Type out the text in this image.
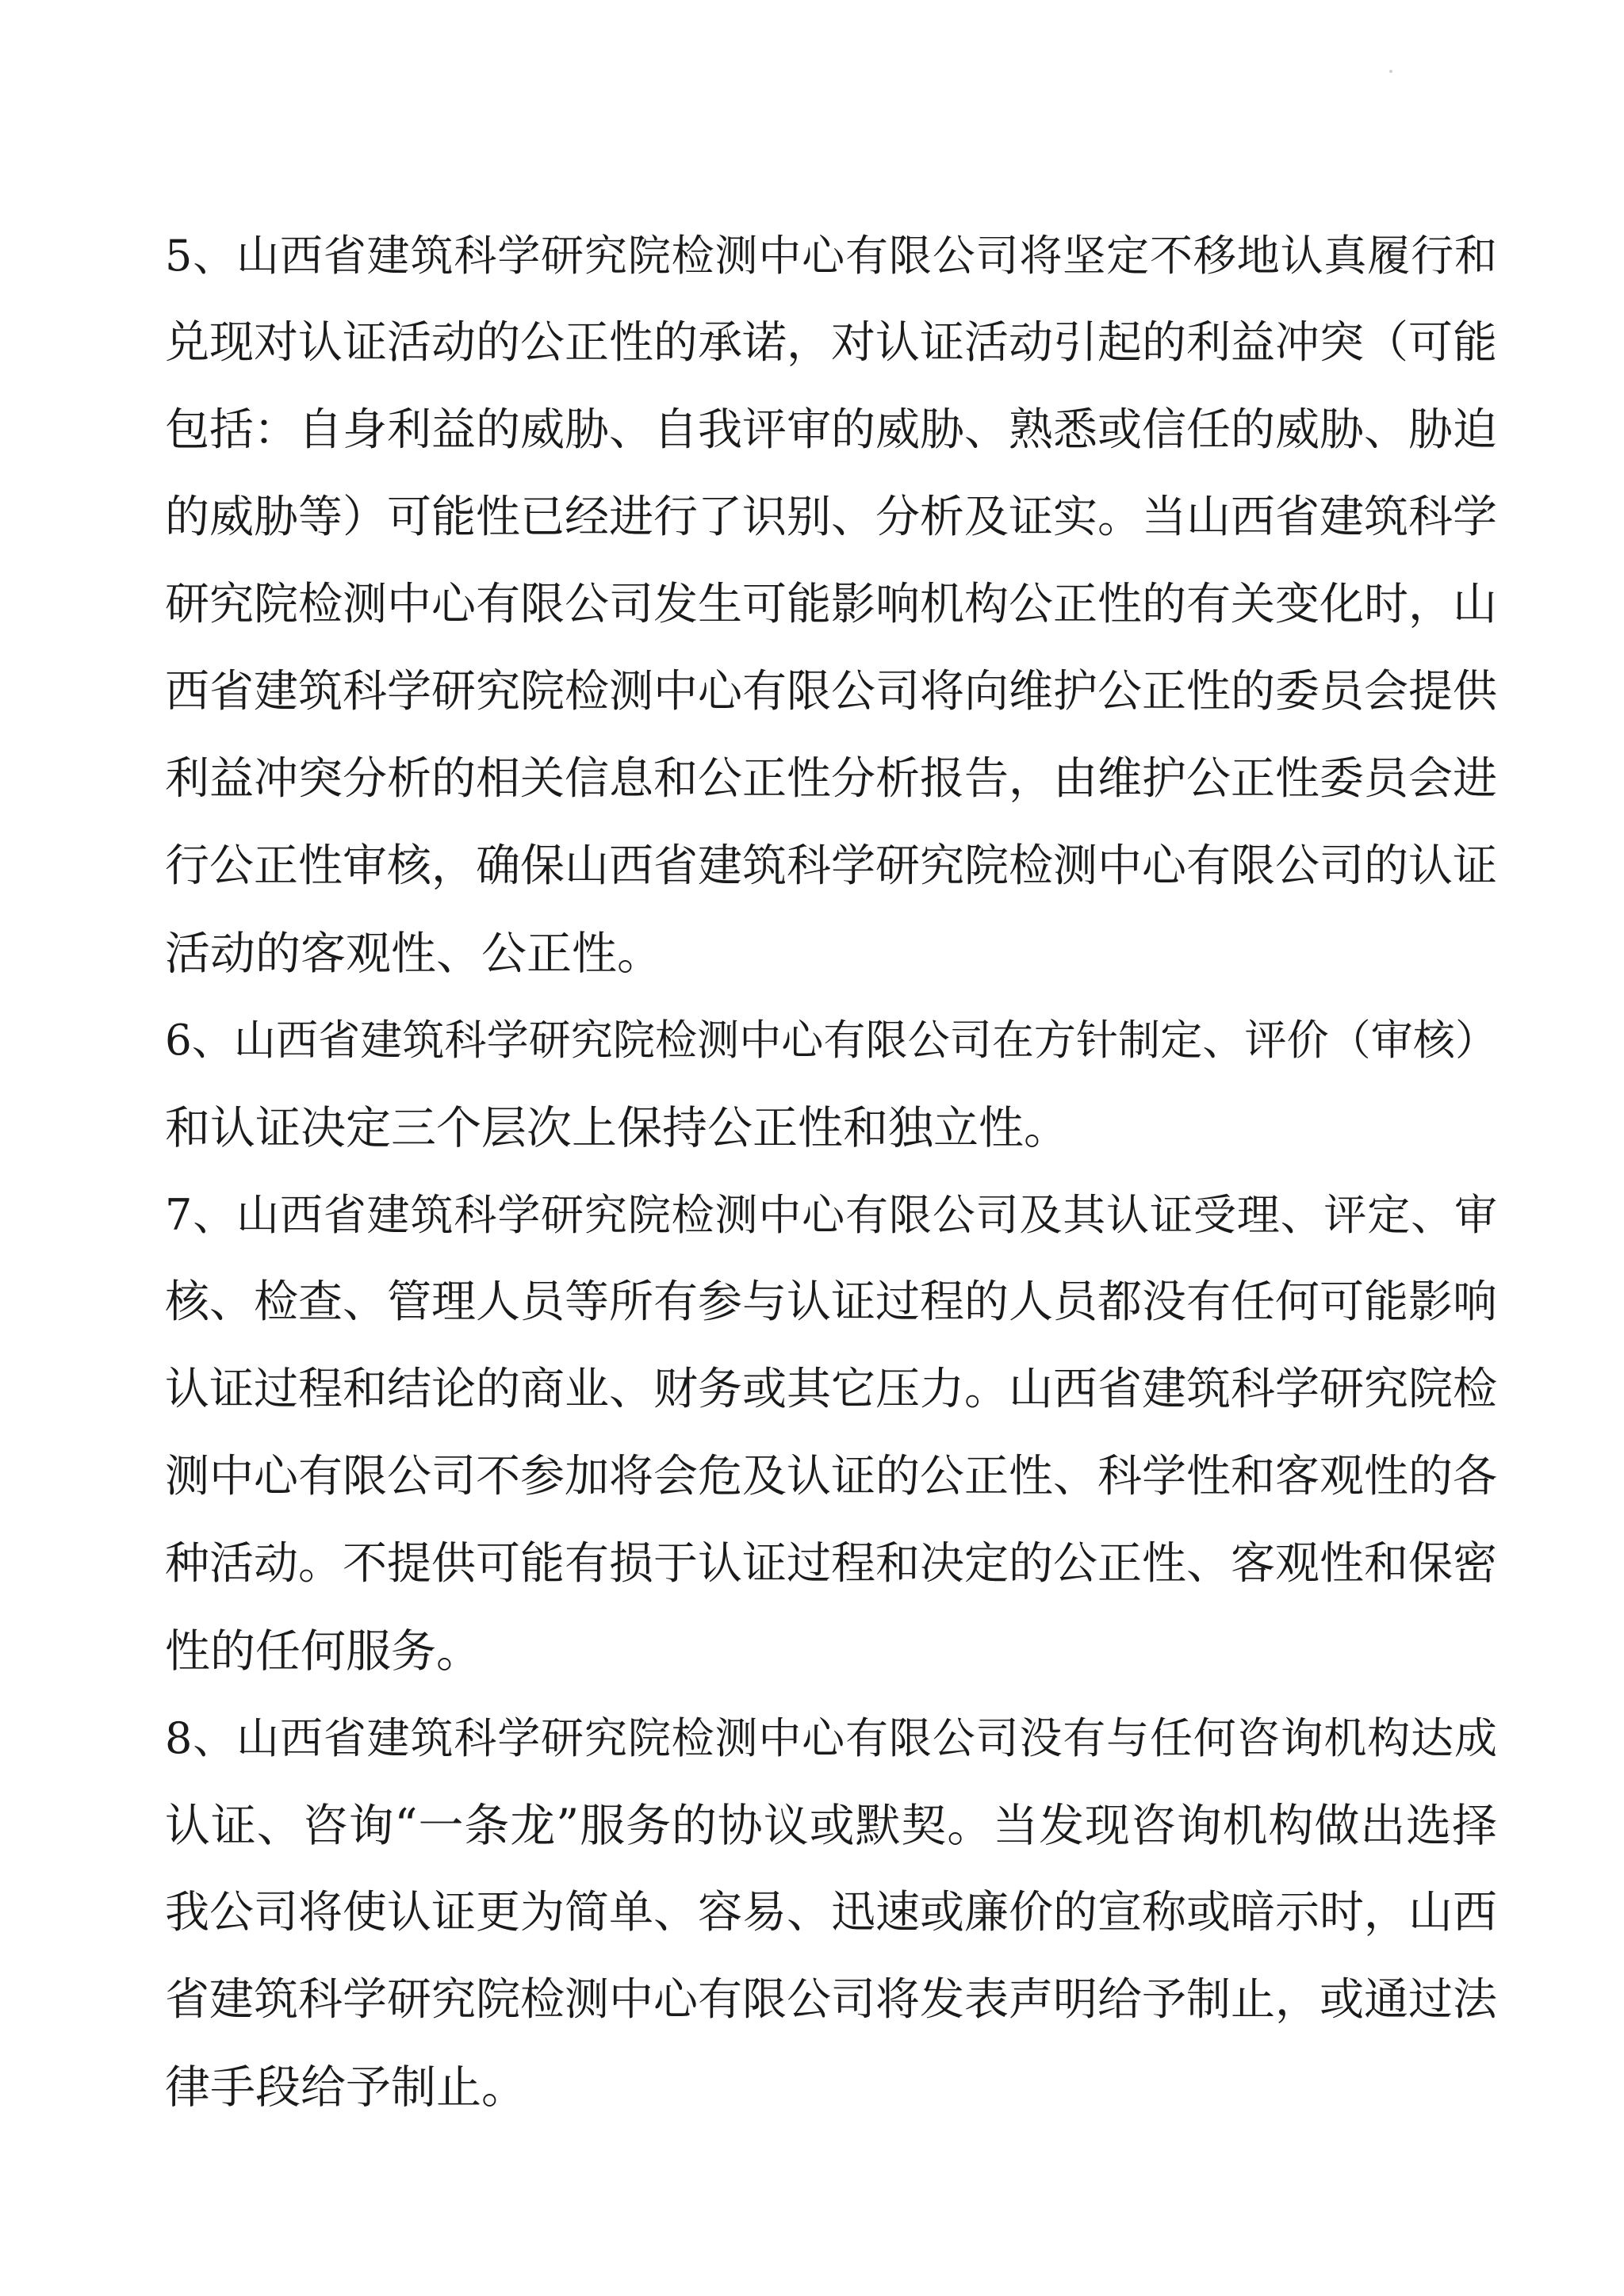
5、山西省建筑科学研究院检测中心有限公司将坚定不移地认真履行和
兑现对认证活动的公正性的承诺，对认证活动引起的利益冲突（可能
包括：自身利益的威胁、自我评审的威胁、熟悉或信任的威胁、胁迫
的威胁等）可能性已经进行了识别、分析及证实。当山西省建筑科学
研究院检测中心有限公司发生可能影响机构公正性的有关变化时，山
西省建筑科学研究院检测中心有限公司将向维护公正性的委员会提供
利益冲突分析的相关信息和公正性分析报告，由维护公正性委员会进
行公正性审核，确保山西省建筑科学研究院检测中心有限公司的认证
活动的客观性、公正性。
6、山西省建筑科学研究院检测中心有限公司在方针制定、评价（审核）
和认证决定三个层次上保持公正性和独立性。
7、山西省建筑科学研究院检测中心有限公司及其认证受理、评定、审
核、检查、管理人员等所有参与认证过程的人员都没有任何可能影响
认证过程和结论的商业、财务或其它压力。山西省建筑科学研究院检
测中心有限公司不参加将会危及认证的公正性、科学性和客观性的各
种活动。不提供可能有损于认证过程和决定的公正性、客观性和保密
性的任何服务。
8、山西省建筑科学研究院检测中心有限公司没有与任何咨询机构达成
认证、咨询“一条龙”服务的协议或默契。当发现咨询机构做出选择
我公司将使认证更为简单、容易、迅速或廉价的宣称或暗示时，山西
省建筑科学研究院检测中心有限公司将发表声明给予制止，或通过法
律手段给予制止。
